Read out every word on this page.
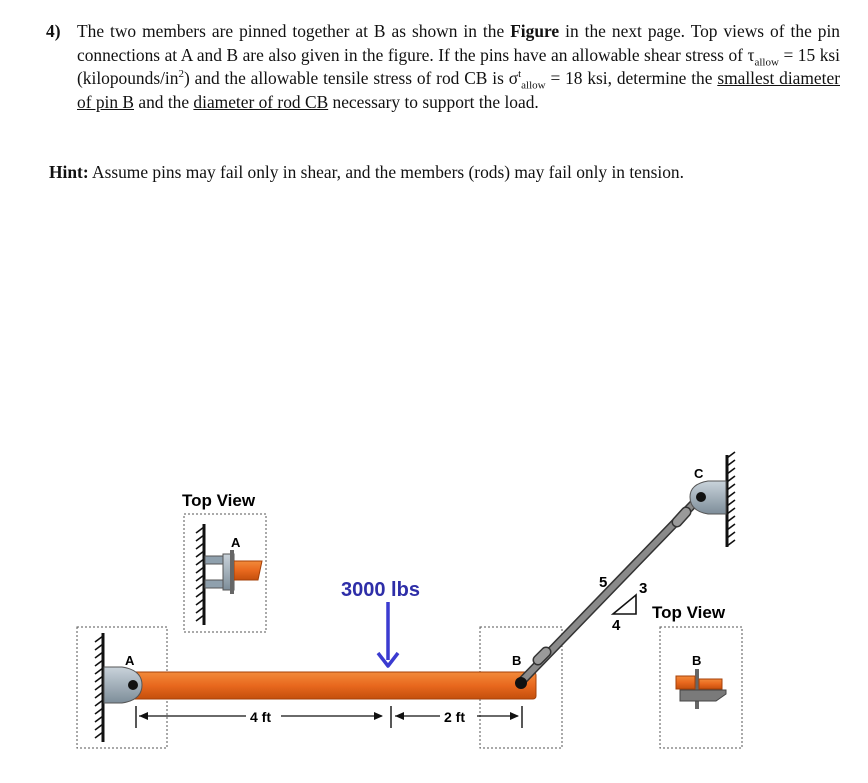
4) The two members are pinned together at B as shown in the Figure in the next page. Top views of the pin connections at A and B are also given in the figure. If the pins have an allowable shear stress of $\tau_{allow} = 15$ ksi $(kilopounds/in^2)$ and the allowable tensile stress of rod CB is $\sigma^t_{allow} = 18$ ksi, determine the smallest diameter of pin B and the diameter of rod CB necessary to support the load.
Hint: Assume pins may fail only in shear, and the members (rods) may fail only in tension.
A	B
C
5 3
4
3000 lbs
4 ft	2 ft
Top View
A
Top View
B
